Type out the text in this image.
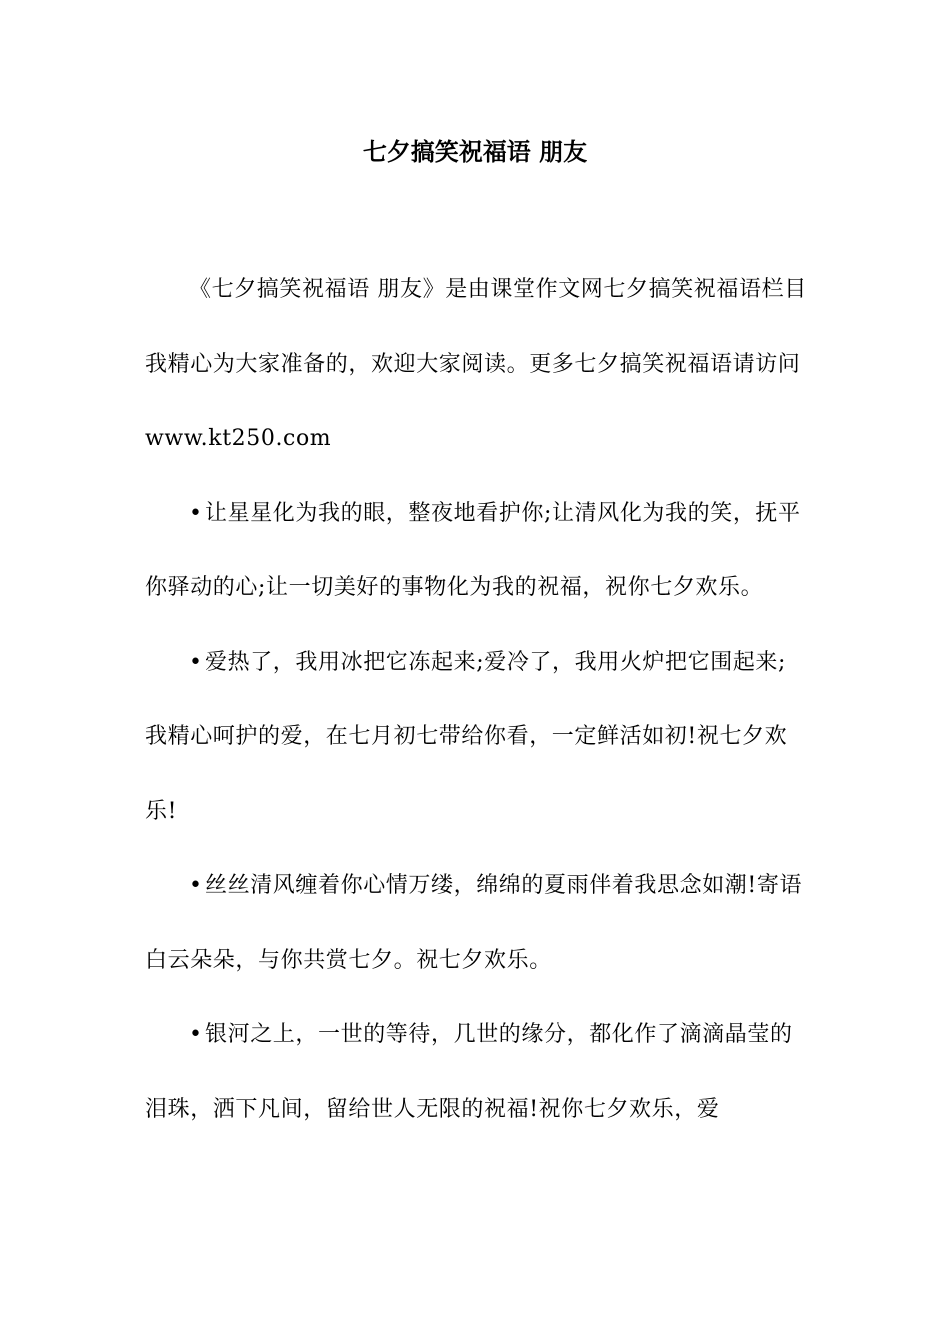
七夕搞笑祝福语 朋友

《七夕搞笑祝福语 朋友》是由课堂作文网七夕搞笑祝福语栏目我精心为大家准备的，欢迎大家阅读。更多七夕搞笑祝福语请访问www.kt250.com

• 让星星化为我的眼，整夜地看护你;让清风化为我的笑，抚平你驿动的心;让一切美好的事物化为我的祝福，祝你七夕欢乐。

• 爱热了，我用冰把它冻起来;爱冷了，我用火炉把它围起来;我精心呵护的爱，在七月初七带给你看，一定鲜活如初!祝七夕欢乐!

• 丝丝清风缠着你心情万缕，绵绵的夏雨伴着我思念如潮!寄语白云朵朵，与你共赏七夕。祝七夕欢乐。

• 银河之上，一世的等待，几世的缘分，都化作了滴滴晶莹的泪珠，洒下凡间，留给世人无限的祝福!祝你七夕欢乐，爱
